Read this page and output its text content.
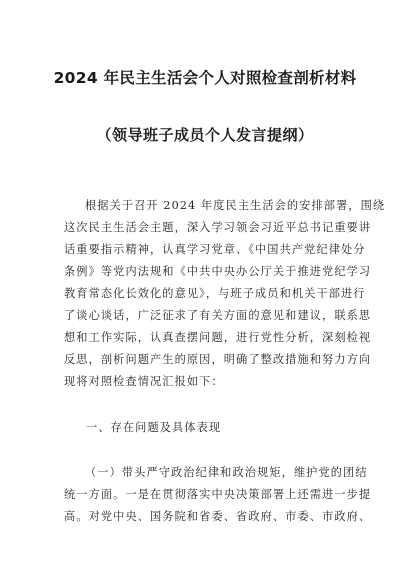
2024 年民主生活会个人对照检查剖析材料
（领导班子成员个人发言提纲）
根据关于召开 2024 年度民主生活会的安排部署，围绕
这次民主生活会主题，深入学习领会习近平总书记重要讲
话重要指示精神，认真学习党章、《中国共产党纪律处分
条例》等党内法规和《中共中央办公厅关于推进党纪学习
教育常态化长效化的意见》，与班子成员和机关干部进行
了谈心谈话，广泛征求了有关方面的意见和建议，联系思
想和工作实际，认真查摆问题，进行党性分析，深刻检视
反思，剖析问题产生的原因，明确了整改措施和努力方向
现将对照检查情况汇报如下：
一、存在问题及具体表现
（一）带头严守政治纪律和政治规矩，维护党的团结
统一方面。一是在贯彻落实中央决策部署上还需进一步提
高。对党中央、国务院和省委、省政府、市委、市政府、
